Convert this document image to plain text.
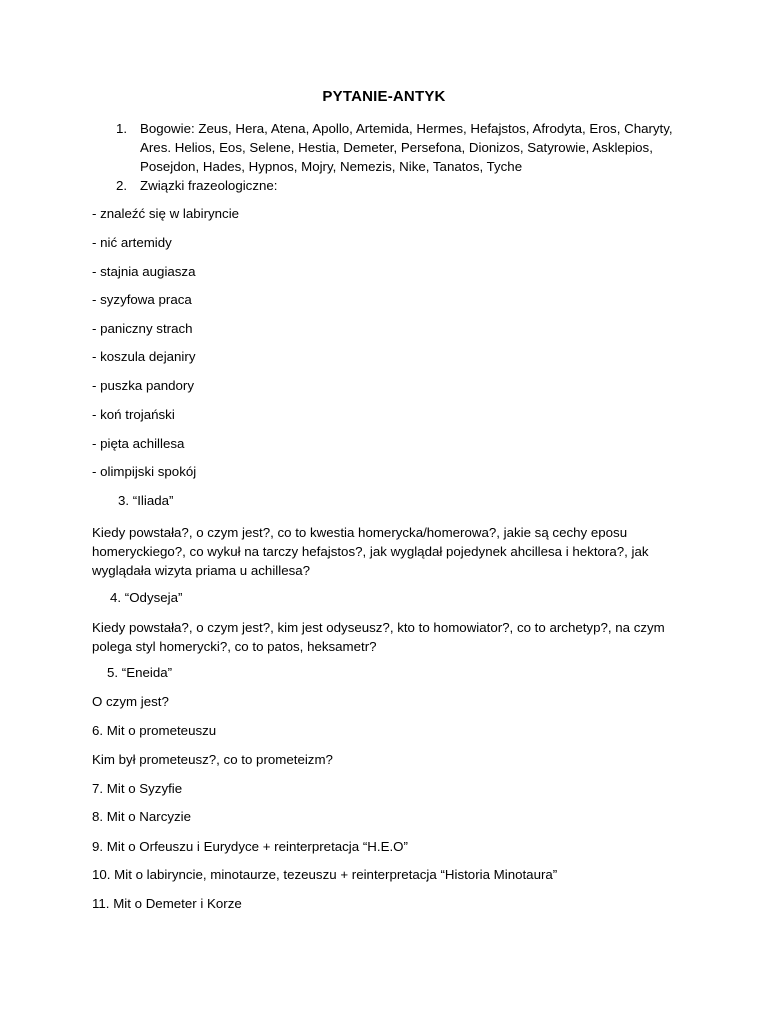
PYTANIE-ANTYK
1. Bogowie: Zeus, Hera, Atena, Apollo, Artemida, Hermes, Hefajstos, Afrodyta, Eros, Charyty, Ares. Helios, Eos, Selene, Hestia, Demeter, Persefona, Dionizos, Satyrowie, Asklepios, Posejdon, Hades, Hypnos, Mojry, Nemezis, Nike, Tanatos, Tyche
2. Związki frazeologiczne:
- znaleźć się w labiryncie
- nić artemidy
- stajnia augiasza
- syzyfowa praca
- paniczny strach
- koszula dejaniry
- puszka pandory
- koń trojański
- pięta achillesa
- olimpijski spokój
3. “Iliada”
Kiedy powstała?, o czym jest?, co to kwestia homerycka/homerowa?, jakie są cechy eposu homeryckiego?, co wykuł na tarczy hefajstos?, jak wyglądał pojedynek ahcillesa i hektora?, jak wyglądała wizyta priama u achillesa?
4. “Odyseja”
Kiedy powstała?, o czym jest?, kim jest odyseusz?, kto to homowiator?, co to archetyp?, na czym polega styl homerycki?, co to patos, heksametr?
5. “Eneida”
O czym jest?
6. Mit o prometeuszu
Kim był prometeusz?, co to prometeizm?
7. Mit o Syzyfie
8. Mit o Narcyzie
9. Mit o Orfeuszu i Eurydyce + reinterpretacja “H.E.O”
10. Mit o labiryncie, minotaurze, tezeuszu + reinterpretacja “Historia Minotaura”
11. Mit o Demeter i Korze
